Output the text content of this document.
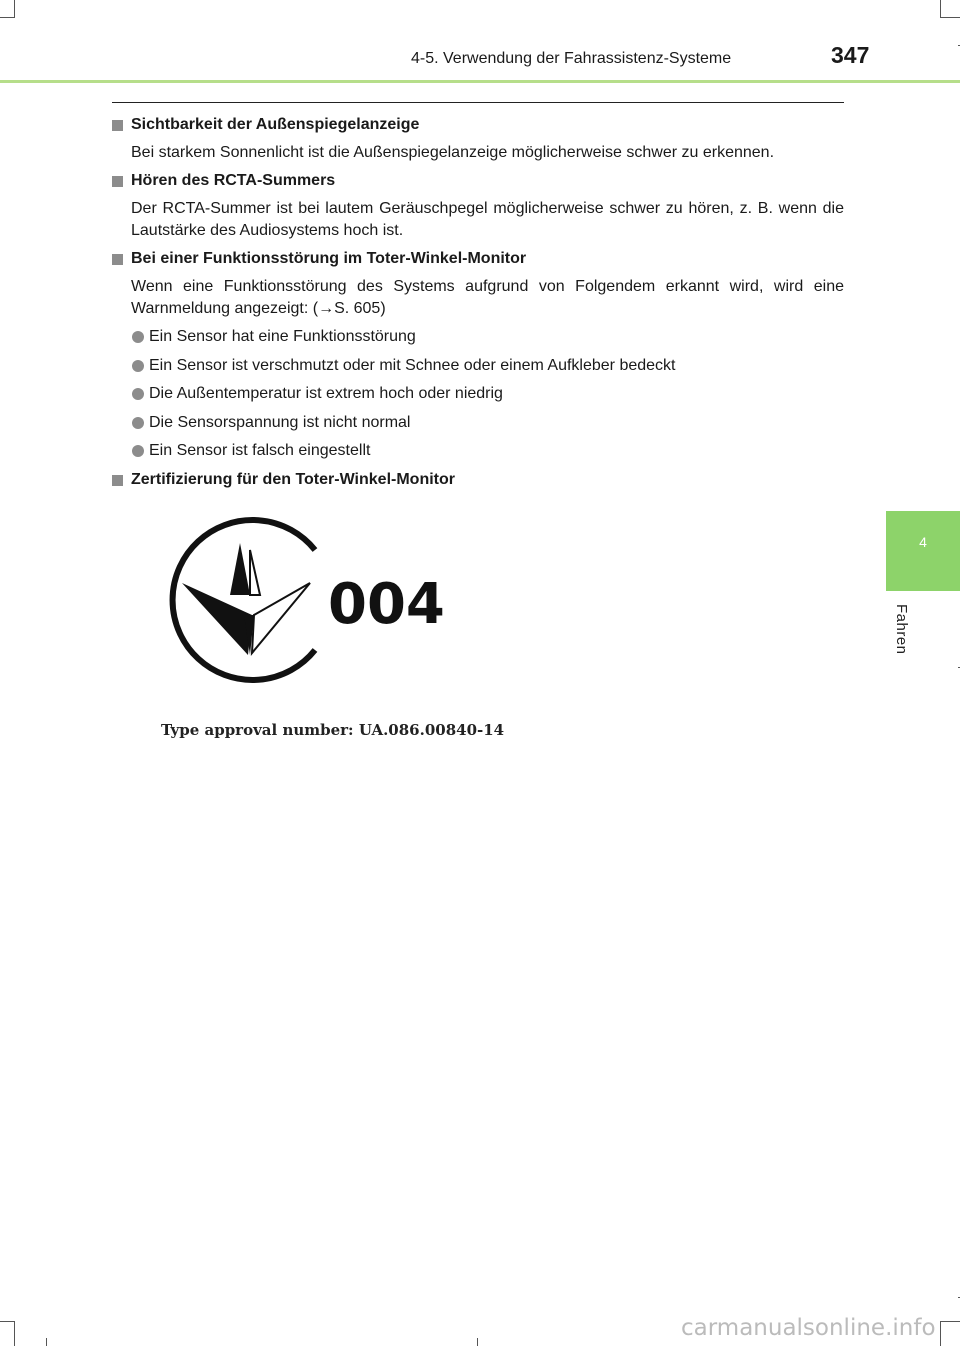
4-5. Verwendung der Fahrassistenz-Systeme	347
4
Fahren
Sichtbarkeit der Außenspiegelanzeige
Bei starkem Sonnenlicht ist die Außenspiegelanzeige möglicherweise schwer zu erkennen.
Hören des RCTA-Summers
Der RCTA-Summer ist bei lautem Geräuschpegel möglicherweise schwer zu hören, z. B. wenn die Lautstärke des Audiosystems hoch ist.
Bei einer Funktionsstörung im Toter-Winkel-Monitor
Wenn eine Funktionsstörung des Systems aufgrund von Folgendem erkannt wird, wird eine Warnmeldung angezeigt: (→S. 605)
Ein Sensor hat eine Funktionsstörung
Ein Sensor ist verschmutzt oder mit Schnee oder einem Aufkleber bedeckt
Die Außentemperatur ist extrem hoch oder niedrig
Die Sensorspannung ist nicht normal
Ein Sensor ist falsch eingestellt
Zertifizierung für den Toter-Winkel-Monitor
004
Type approval number: UA.086.00840-14
carmanualsonline.info
